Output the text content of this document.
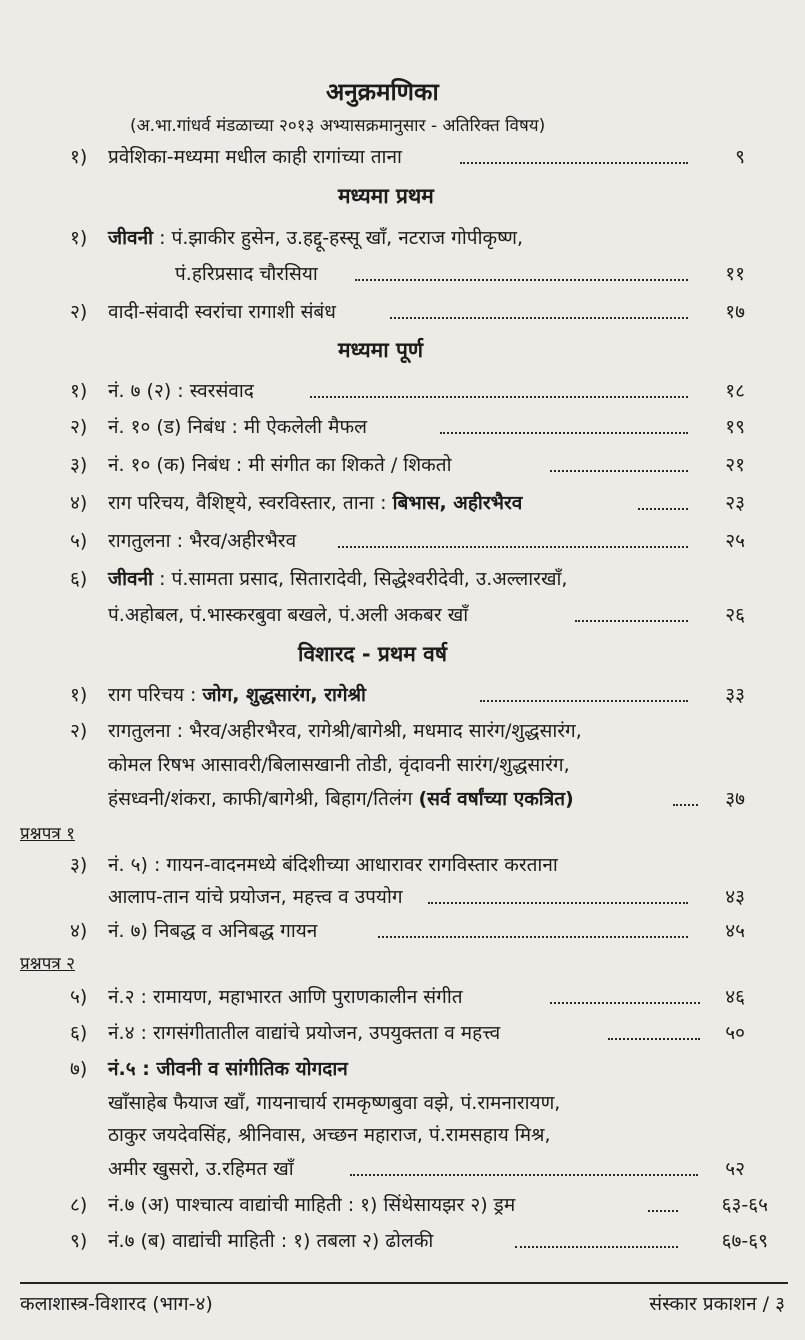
अनुक्रमणिका
(अ.भा.गांधर्व मंडळाच्या २०१३ अभ्यासक्रमानुसार - अतिरिक्त विषय)
१) प्रवेशिका-मध्यमा मधील काही रागांच्या ताना	९
मध्यमा प्रथम
१) जीवनी : पं.झाकीर हुसेन, उ.हद्दू-हस्सू खाँ, नटराज गोपीकृष्ण,
पं.हरिप्रसाद चौरसिया	११
२) वादी-संवादी स्वरांचा रागाशी संबंध	१७
मध्यमा पूर्ण
१) नं. ७ (२) : स्वरसंवाद	१८
२) नं. १० (ड) निबंध : मी ऐकलेली मैफल	१९
३) नं. १० (क) निबंध : मी संगीत का शिकते / शिकतो	२१
४) राग परिचय, वैशिष्ट्ये, स्वरविस्तार, ताना : बिभास, अहीरभैरव	२३
५) रागतुलना : भैरव/अहीरभैरव	२५
६) जीवनी : पं.सामता प्रसाद, सितारादेवी, सिद्धेश्वरीदेवी, उ.अल्लारखाँ,
पं.अहोबल, पं.भास्करबुवा बखले, पं.अली अकबर खाँ	२६
विशारद - प्रथम वर्ष
१) राग परिचय : जोग, शुद्धसारंग, रागेश्री	३३
२) रागतुलना : भैरव/अहीरभैरव, रागेश्री/बागेश्री, मधमाद सारंग/शुद्धसारंग,
कोमल रिषभ आसावरी/बिलासखानी तोडी, वृंदावनी सारंग/शुद्धसारंग,
हंसध्वनी/शंकरा, काफी/बागेश्री, बिहाग/तिलंग (सर्व वर्षांच्या एकत्रित)	३७
प्रश्नपत्र १
३) नं. ५) : गायन-वादनमध्ये बंदिशीच्या आधारावर रागविस्तार करताना
आलाप-तान यांचे प्रयोजन, महत्त्व व उपयोग	४३
४) नं. ७) निबद्ध व अनिबद्ध गायन	४५
प्रश्नपत्र २
५) नं.२ : रामायण, महाभारत आणि पुराणकालीन संगीत	४६
६) नं.४ : रागसंगीतातील वाद्यांचे प्रयोजन, उपयुक्तता व महत्त्व	५०
७) नं.५ : जीवनी व सांगीतिक योगदान
खाँसाहेब फैयाज खाँ, गायनाचार्य रामकृष्णबुवा वझे, पं.रामनारायण,
ठाकुर जयदेवसिंह, श्रीनिवास, अच्छन महाराज, पं.रामसहाय मिश्र,
अमीर खुसरो, उ.रहिमत खाँ	५२
८) नं.७ (अ) पाश्चात्य वाद्यांची माहिती : १) सिंथेसायझर २) ड्रम	६३-६५
९) नं.७ (ब) वाद्यांची माहिती : १) तबला २) ढोलकी	६७-६९
कलाशास्त्र-विशारद (भाग-४)	संस्कार प्रकाशन / ३
